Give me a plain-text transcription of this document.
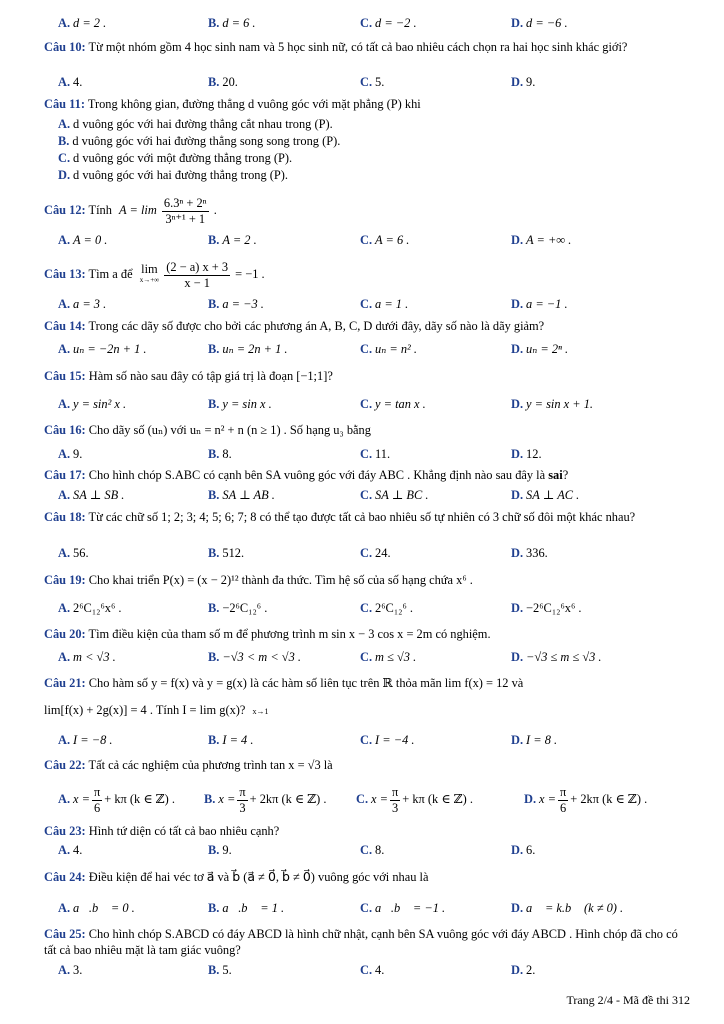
A. d = 2 .	B. d = 6 .	C. d = −2 .	D. d = −6 .
Câu 10: Từ một nhóm gồm 4 học sinh nam và 5 học sinh nữ, có tất cả bao nhiêu cách chọn ra hai học sinh khác giới?
A. 4.	B. 20.	C. 5.	D. 9.
Câu 11: Trong không gian, đường thẳng d vuông góc với mặt phẳng (P) khi
A. d vuông góc với hai đường thẳng cắt nhau trong (P).
B. d vuông góc với hai đường thẳng song song trong (P).
C. d vuông góc với một đường thẳng trong (P).
D. d vuông góc với hai đường thẳng trong (P).
Câu 12: Tính $A = \lim \frac{\text{6.3ⁿ + 2ⁿ}}{\text{3ⁿ⁺¹ + 1}}$ .
A. A = 0 .	B. A = 2 .	C. A = 6 .	D. A = +∞ .
Câu 13: Tìm a để lim
x→+∞
$\frac{(2 - a) x + 3}{x - 1} = -1$ .
A. a = 3 .	B. a = −3 .	C. a = 1 .	D. a = −1 .
Câu 14: Trong các dãy số được cho bởi các phương án A, B, C, D dưới đây, dãy số nào là dãy giảm?
A. uₙ = −2n + 1 .	B. uₙ = 2n + 1 .	C. uₙ = n² .	D. uₙ = 2ⁿ .
Câu 15: Hàm số nào sau đây có tập giá trị là đoạn [−1;1]?
A. y = sin² x .	B. y = sin x .	C. y = tan x .	D. y = sin x + 1.
Câu 16: Cho dãy số (uₙ) với uₙ = n² + n (n ≥ 1) . Số hạng u₃ bằng
A. 9.	B. 8.	C. 11.	D. 12.
Câu 17: Cho hình chóp S.ABC có cạnh bên SA vuông góc với đáy ABC . Khẳng định nào sau đây là sai?
A. SA ⊥ SB .	B. SA ⊥ AB .	C. SA ⊥ BC .	D. SA ⊥ AC .
Câu 18: Từ các chữ số 1; 2; 3; 4; 5; 6; 7; 8 có thể tạo được tất cả bao nhiêu số tự nhiên có 3 chữ số đôi một khác nhau?
A. 56.	B. 512.	C. 24.	D. 336.
Câu 19: Cho khai triển P(x) = (x − 2)¹² thành đa thức. Tìm hệ số của số hạng chứa x⁶ .
A. 2⁶C₁₂⁶x⁶ .	B. −2⁶C₁₂⁶ .	C. 2⁶C₁₂⁶ .	D. −2⁶C₁₂⁶x⁶ .
Câu 20: Tìm điều kiện của tham số m để phương trình m sin x − 3 cos x = 2m có nghiệm.
A. m < √3 .	B. −√3 < m < √3 .	C. m ≤ √3 .	D. −√3 ≤ m ≤ √3 .
Câu 21: Cho hàm số y = f(x) và y = g(x) là các hàm số liên tục trên ℝ thỏa mãn lim f(x) = 12 và
lim[f(x) + 2g(x)] = 4 . Tính I = lim g(x)? x→1
A. I = −8 .	B. I = 4 .	C. I = −4 .	D. I = 8 .
Câu 22: Tất cả các nghiệm của phương trình tan x = √3 là
A. $x = \frac{\pi}{6} + k\pi$ (k ∈ ℤ) . B. $x = \frac{\pi}{3} + 2k\pi$ (k ∈ ℤ) . C. $x = \frac{\pi}{3} + k\pi$ (k ∈ ℤ) .	D. $x = \frac{\pi}{6} + 2k\pi$ (k ∈ ℤ) .
Câu 23: Hình tứ diện có tất cả bao nhiêu cạnh?
A. 4.	B. 9.	C. 8.	D. 6.
Câu 24: Điều kiện để hai véc tơ a⃗ và b⃗ (a⃗ ≠ 0⃗, b⃗ ≠ 0⃗) vuông góc với nhau là
A. a⃗.b⃗ = 0 .	B. a⃗.b⃗ = 1 .	C. a⃗.b⃗ = −1 .	D. a⃗ = k.b⃗ (k ≠ 0) .
Câu 25: Cho hình chóp S.ABCD có đáy ABCD là hình chữ nhật, cạnh bên SA vuông góc với đáy ABCD . Hình chóp đã cho có tất cả bao nhiêu mặt là tam giác vuông?
A. 3.	B. 5.	C. 4.	D. 2.
Trang 2/4 - Mã đề thi 312
